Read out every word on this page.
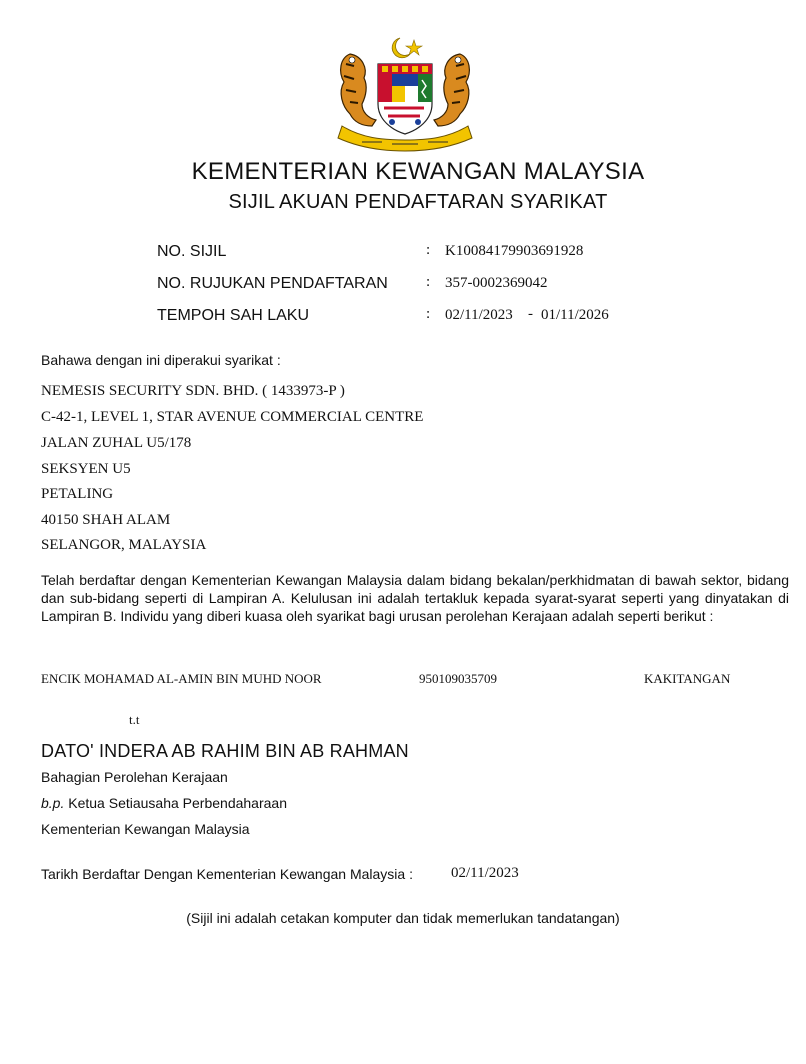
KEMENTERIAN KEWANGAN MALAYSIA
SIJIL AKUAN PENDAFTARAN SYARIKAT
NO. SIJIL	: K10084179903691928
NO. RUJUKAN PENDAFTARAN	: 357-0002369042
TEMPOH SAH LAKU	: 02/11/2023 - 01/11/2026
Bahawa dengan ini diperakui syarikat :
NEMESIS SECURITY SDN. BHD. ( 1433973-P )
C-42-1, LEVEL 1, STAR AVENUE COMMERCIAL CENTRE
JALAN ZUHAL U5/178
SEKSYEN U5
PETALING
40150 SHAH ALAM
SELANGOR, MALAYSIA
Telah berdaftar dengan Kementerian Kewangan Malaysia dalam bidang bekalan/perkhidmatan di bawah sektor, bidang dan sub-bidang seperti di Lampiran A. Kelulusan ini adalah tertakluk kepada syarat-syarat seperti yang dinyatakan di Lampiran B. Individu yang diberi kuasa oleh syarikat bagi urusan perolehan Kerajaan adalah seperti berikut :
ENCIK MOHAMAD AL-AMIN BIN MUHD NOOR	950109035709	KAKITANGAN
t.t
DATO' INDERA AB RAHIM BIN AB RAHMAN
Bahagian Perolehan Kerajaan
b.p. Ketua Setiausaha Perbendaharaan
Kementerian Kewangan Malaysia
Tarikh Berdaftar Dengan Kementerian Kewangan Malaysia :	02/11/2023
(Sijil ini adalah cetakan komputer dan tidak memerlukan tandatangan)
